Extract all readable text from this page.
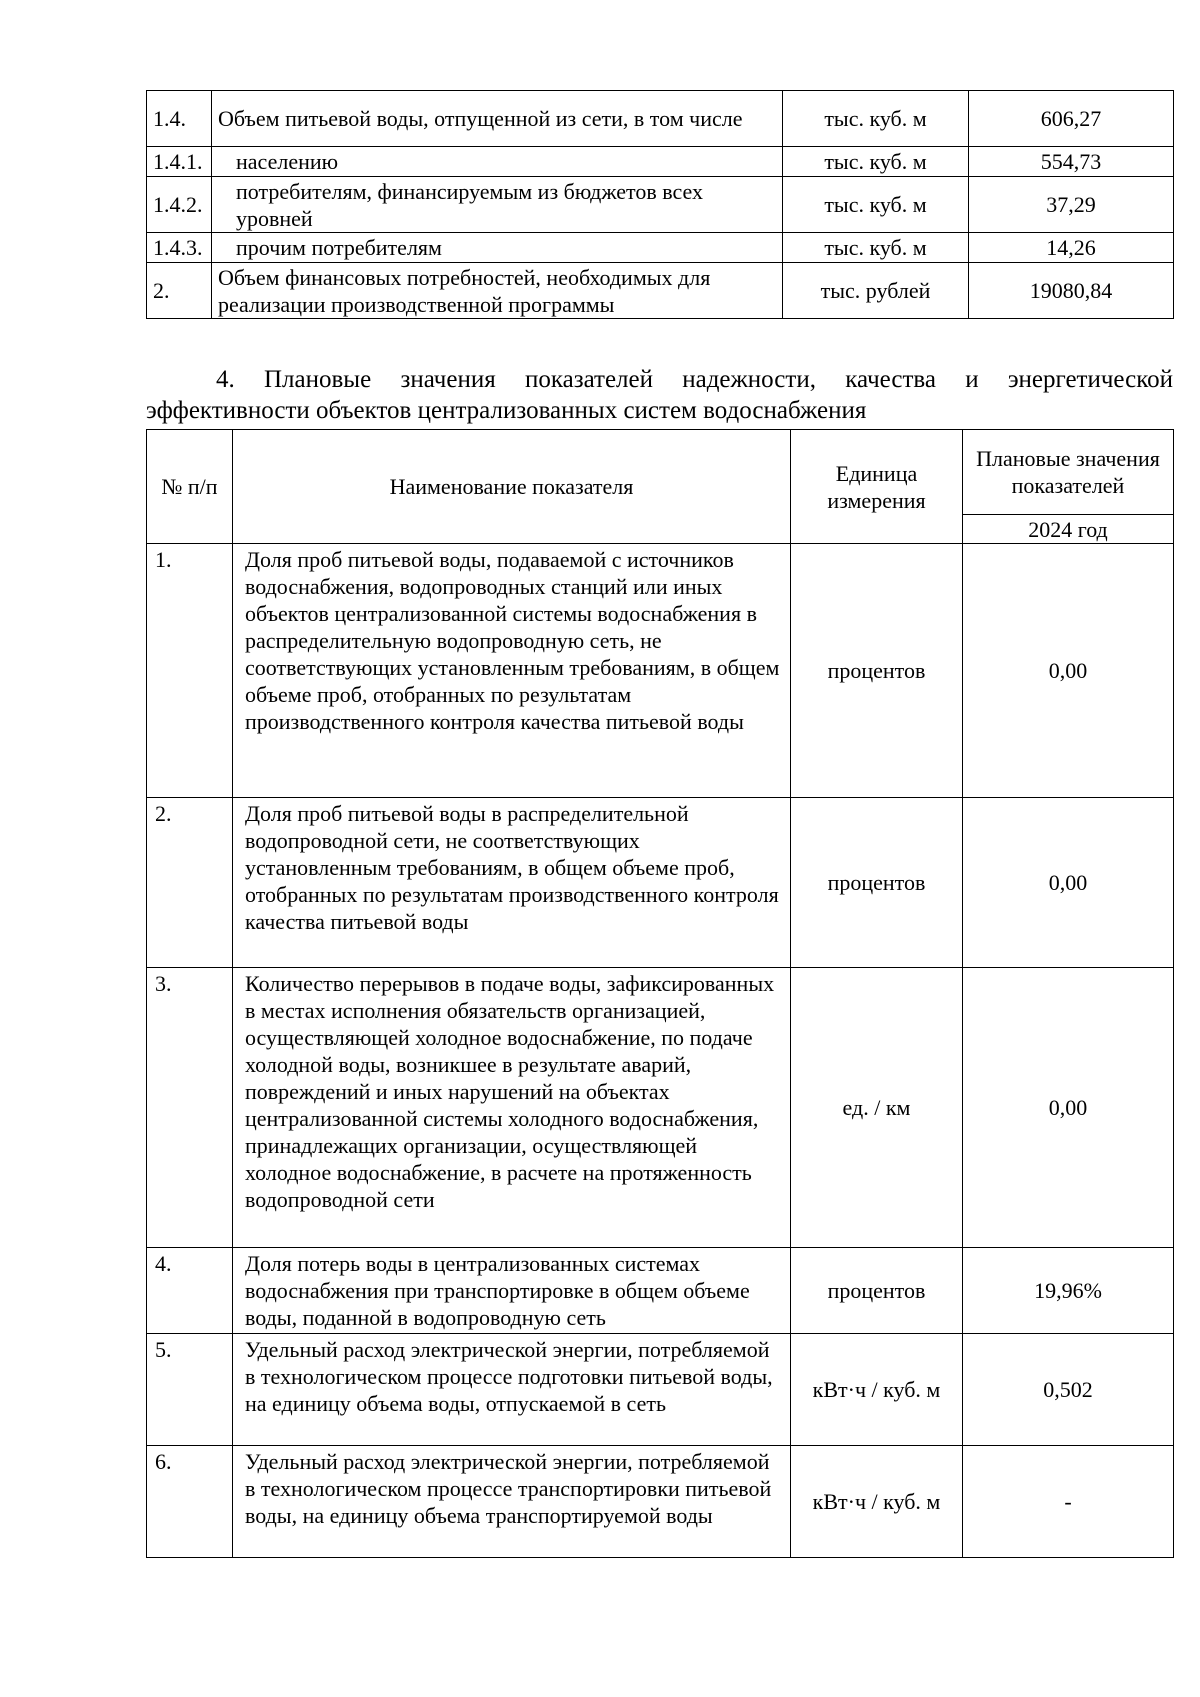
1.4.	Объем питьевой воды, отпущенной из сети, в том числе	тыс. куб. м	606,27
1.4.1.	населению	тыс. куб. м	554,73
1.4.2.	потребителям, финансируемым из бюджетов всех уровней	тыс. куб. м	37,29
1.4.3.	прочим потребителям	тыс. куб. м	14,26
2.	Объем финансовых потребностей, необходимых для реализации производственной программы	тыс. рублей	19080,84

4. Плановые значения показателей надежности, качества и энергетической
эффективности объектов централизованных систем водоснабжения

№ п/п	Наименование показателя	Единица измерения	Плановые значения показателей
			2024 год
1.	Доля проб питьевой воды, подаваемой с источников водоснабжения, водопроводных станций или иных объектов централизованной системы водоснабжения в распределительную водопроводную сеть, не соответствующих установленным требованиям, в общем объеме проб, отобранных по результатам производственного контроля качества питьевой воды	процентов	0,00
2.	Доля проб питьевой воды в распределительной водопроводной сети, не соответствующих установленным требованиям, в общем объеме проб, отобранных по результатам производственного контроля качества питьевой воды	процентов	0,00
3.	Количество перерывов в подаче воды, зафиксированных в местах исполнения обязательств организацией, осуществляющей холодное водоснабжение, по подаче холодной воды, возникшее в результате аварий, повреждений и иных нарушений на объектах централизованной системы холодного водоснабжения, принадлежащих организации, осуществляющей холодное водоснабжение, в расчете на протяженность водопроводной сети	ед. / км	0,00
4.	Доля потерь воды в централизованных системах водоснабжения при транспортировке в общем объеме воды, поданной в водопроводную сеть	процентов	19,96%
5.	Удельный расход электрической энергии, потребляемой в технологическом процессе подготовки питьевой воды, на единицу объема воды, отпускаемой в сеть	кВт·ч / куб. м	0,502
6.	Удельный расход электрической энергии, потребляемой в технологическом процессе транспортировки питьевой воды, на единицу объема транспортируемой воды	кВт·ч / куб. м	-
